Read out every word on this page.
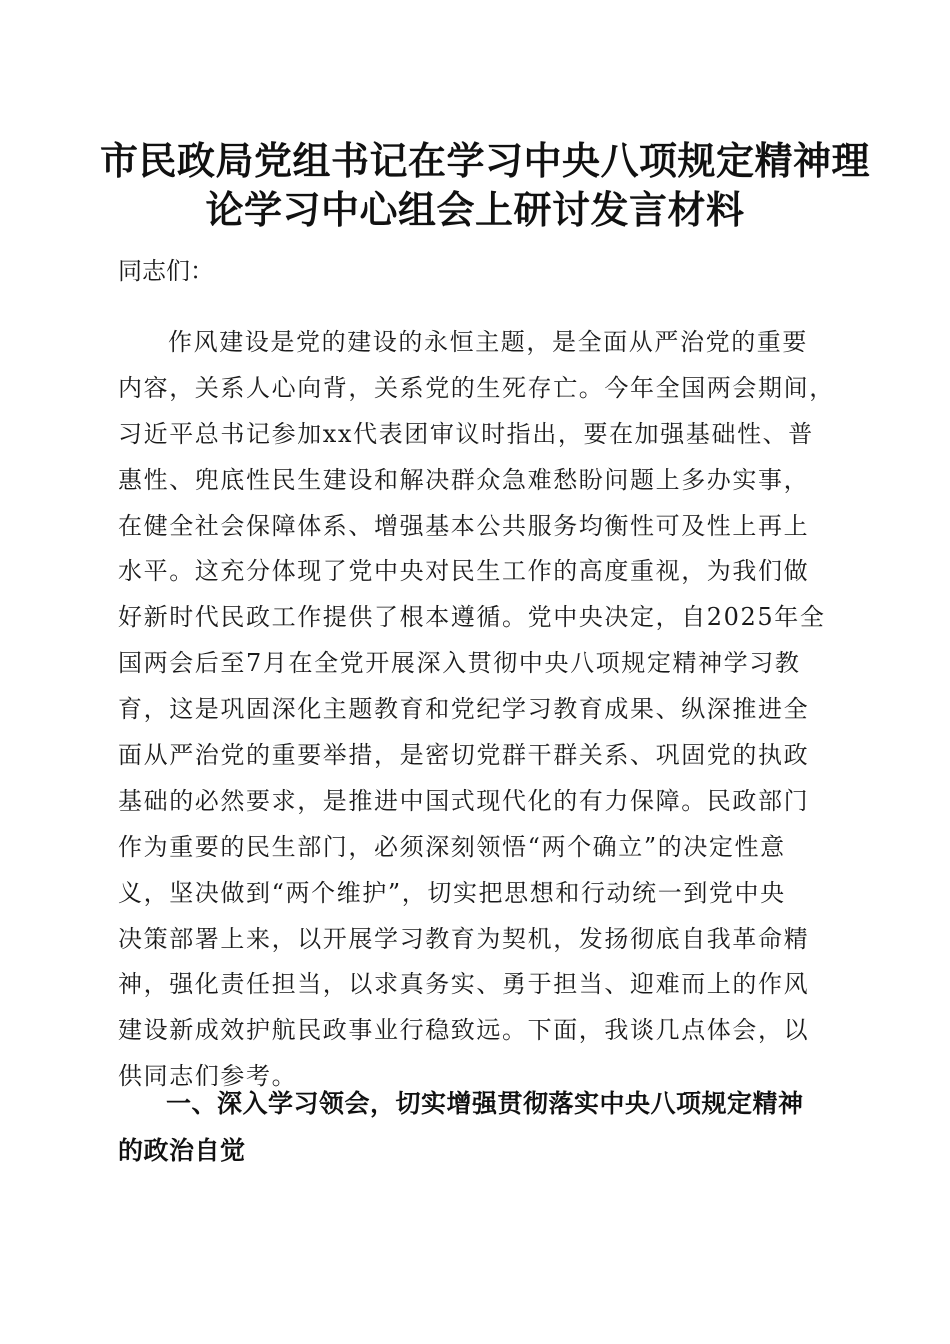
市民政局党组书记在学习中央八项规定精神理
论学习中心组会上研讨发言材料

同志们：

作风建设是党的建设的永恒主题，是全面从严治党的重要
内容，关系人心向背，关系党的生死存亡。今年全国两会期间，
习近平总书记参加xx代表团审议时指出，要在加强基础性、普
惠性、兜底性民生建设和解决群众急难愁盼问题上多办实事，
在健全社会保障体系、增强基本公共服务均衡性可及性上再上
水平。这充分体现了党中央对民生工作的高度重视，为我们做
好新时代民政工作提供了根本遵循。党中央决定，自2025年全
国两会后至7月在全党开展深入贯彻中央八项规定精神学习教
育，这是巩固深化主题教育和党纪学习教育成果、纵深推进全
面从严治党的重要举措，是密切党群干群关系、巩固党的执政
基础的必然要求，是推进中国式现代化的有力保障。民政部门
作为重要的民生部门，必须深刻领悟“两个确立”的决定性意
义，坚决做到“两个维护”，切实把思想和行动统一到党中央
决策部署上来，以开展学习教育为契机，发扬彻底自我革命精
神，强化责任担当，以求真务实、勇于担当、迎难而上的作风
建设新成效护航民政事业行稳致远。下面，我谈几点体会，以
供同志们参考。
一、深入学习领会，切实增强贯彻落实中央八项规定精神
的政治自觉
